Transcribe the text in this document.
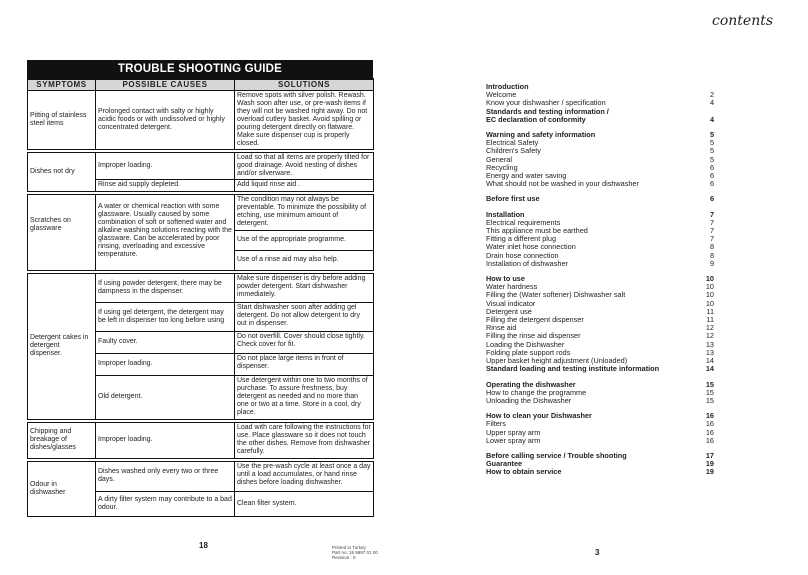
TROUBLE SHOOTING GUIDE
SYMPTOMS	POSSIBLE CAUSES	SOLUTIONS
Pitting of stainless steel items	Prolonged contact with salty or highly acidic foods or with undissolved or highly concentrated detergent.	Remove spots with silver polish. Rewash. Wash soon after use, or pre-wash items if they will not be washed right away. Do not overload cutlery basket. Avoid spilling or pouring detergent directly on flatware. Make sure dispenser cup is properly closed.

Dishes not dry	Improper loading.	Load so that all items are properly tilted for good drainage. Avoid nesting of dishes and/or silverware.
	Rinse aid supply depleted.	Add liquid rinse aid .

Scratches on glassware	A water or chemical reaction with some glassware. Usually caused by some combination of soft or softened water and alkaline washing solutions reacting with the glassware. Can be accelerated by poor rinsing, overloading and excessive temperature.	The condition may not always be preventable. To minimize the possibility of etching, use minimum amount of detergent.
		Use of the appropriate programme.
		Use of a rinse aid may also help.

Detergent cakes in detergent dispenser.	If using powder detergent, there may be dampness in the dispenser.	Make sure dispenser is dry before adding powder detergent. Start dishwasher immediately.
	If using gel detergent, the detergent may be left in dispenser too long before using	Start dishwasher soon after adding gel detergent. Do not allow detergent to dry out in dispenser.
	Faulty cover.	Do not overfill. Cover should close tightly. Check cover for fit.
	Improper loading.	Do not place large items in front of dispenser.
	Old detergent.	Use detergent within one to two months of purchase. To assure freshness, buy detergent as needed and no more than one or two at a time. Store in a cool, dry place.

Chipping and breakage of dishes/glasses	Improper loading.	Load with care following the instructions for use. Place glassware so it does not touch the other dishes. Remove from dishwasher carefully.

Odour in dishwasher	Dishes washed only every two or three days.	Use the pre-wash cycle at least once a day until a load accumulates, or hand rinse dishes before loading dishwasher.
	A dirty filter system may contribute to a bad odour.	Clean filter system.
18	Printed in Turkey
Part no: 15 9897 01 00
Revision : 0
contents
Introduction
Welcome	2
Know your dishwasher / specification	4
Standards and testing information /
EC declaration of conformity	4
Warning and safety information	5
Electrical Safety	5
Children's Safety	5
General	5
Recycling	6
Energy and water saving	6
What should not be washed in your dishwasher	6
Before first use	6
Installation	7
Electrical requirements	7
This appliance must be earthed	7
Fitting a different plug	7
Water inlet hose connection	8
Drain hose connection	8
Installation of dishwasher	9
How to use	10
Water hardness	10
Filling the (Water softener) Dishwasher salt	10
Visual indicator	10
Detergent use	11
Filling the detergent dispenser	11
Rinse aid	12
Filling the rinse aid dispenser	12
Loading the Dishwasher	13
Folding plate support rods	13
Upper basket height adjustment (Unloaded)	14
Standard loading and testing institute information	14
Operating the dishwasher	15
How to change the programme	15
Unloading the Dishwasher	15
How to clean your Dishwasher	16
Filters	16
Upper spray arm	16
Lower spray arm	16
Before calling service / Trouble shooting	17
Guarantee	19
How to obtain service	19
3
